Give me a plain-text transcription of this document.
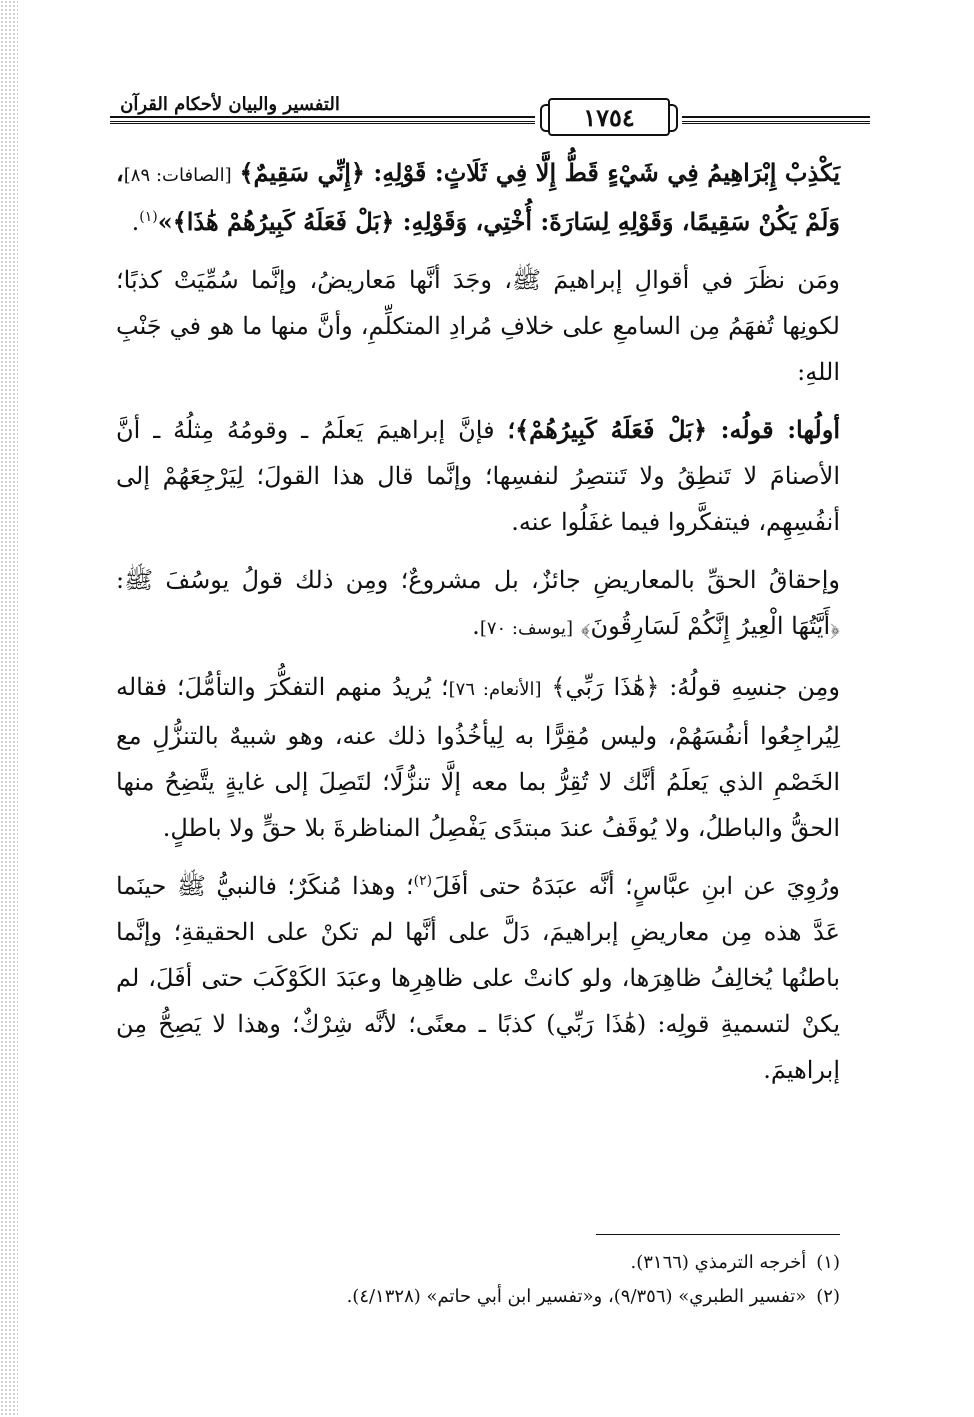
التفسير والبيان لأحكام القرآن	١٧٥٤

يَكْذِبْ إِبْرَاهِيمُ فِي شَيْءٍ قَطُّ إِلَّا فِي ثَلَاثٍ: قَوْلِهِ: ﴿إِنِّي سَقِيمٌ﴾ [الصافات: ٨٩]، وَلَمْ يَكُنْ سَقِيمًا، وَقَوْلِهِ لِسَارَةَ: أُخْتِي، وَقَوْلِهِ: ﴿بَلْ فَعَلَهُ كَبِيرُهُمْ هَٰذَا﴾»$^{(١)}$.

ومَن نظَرَ في أقوالِ إبراهيمَ ﷺ، وجَدَ أنَّها مَعاريضُ، وإنَّما سُمِّيَتْ كذبًا؛ لكونِها تُفهَمُ مِن السامعِ على خلافِ مُرادِ المتكلِّمِ، وأنَّ منها ما هو في جَنْبِ اللهِ:

أولُها: قولُه: ﴿بَلْ فَعَلَهُ كَبِيرُهُمْ﴾؛ فإنَّ إبراهيمَ يَعلَمُ ـ وقومُهُ مِثلُهُ ـ أنَّ الأصنامَ لا تَنطِقُ ولا تَنتصِرُ لنفسِها؛ وإنَّما قال هذا القولَ؛ لِيَرْجِعَهُمْ إلى أنفُسِهِم، فيتفكَّروا فيما غفَلُوا عنه.

وإحقاقُ الحقِّ بالمعاريضِ جائزٌ، بل مشروعٌ؛ ومِن ذلك قولُ يوسُفَ ﷺ: ﴿أَيَّتُهَا الْعِيرُ إِنَّكُمْ لَسَارِقُونَ﴾ [يوسف: ٧٠].

ومِن جنسِهِ قولُهُ: ﴿هَٰذَا رَبِّي﴾ [الأنعام: ٧٦]؛ يُريدُ منهم التفكُّرَ والتأمُّلَ؛ فقاله لِيُراجِعُوا أنفُسَهُمْ، وليس مُقِرًّا به لِيأخُذُوا ذلك عنه، وهو شبيهٌ بالتنزُّلِ مع الخَصْمِ الذي يَعلَمُ أنَّك لا تُقِرُّ بما معه إلَّا تنزُّلًا؛ لتَصِلَ إلى غايةٍ يتَّضِحُ منها الحقُّ والباطلُ، ولا يُوقَفُ عندَ مبتدًى يَفْصِلُ المناظرةَ بلا حقٍّ ولا باطلٍ.

ورُوِيَ عن ابنِ عبَّاسٍ؛ أنَّه عبَدَهُ حتى أفَلَ$^{(٢)}$؛ وهذا مُنكَرٌ؛ فالنبيُّ ﷺ حينَما عَدَّ هذه مِن معاريضِ إبراهيمَ، دَلَّ على أنَّها لم تكنْ على الحقيقةِ؛ وإنَّما باطنُها يُخالِفُ ظاهِرَها، ولو كانتْ على ظاهِرِها وعبَدَ الكَوْكَبَ حتى أفَلَ، لم يكنْ لتسميةِ قولِه: (هَٰذَا رَبِّي) كذبًا ـ معنًى؛ لأنَّه شِرْكٌ؛ وهذا لا يَصِحُّ مِن إبراهيمَ.

(١)أخرجه الترمذي (٣١٦٦).

(٢)«تفسير الطبري» (٩/٣٥٦)، و«تفسير ابن أبي حاتم» (٤/١٣٢٨).
